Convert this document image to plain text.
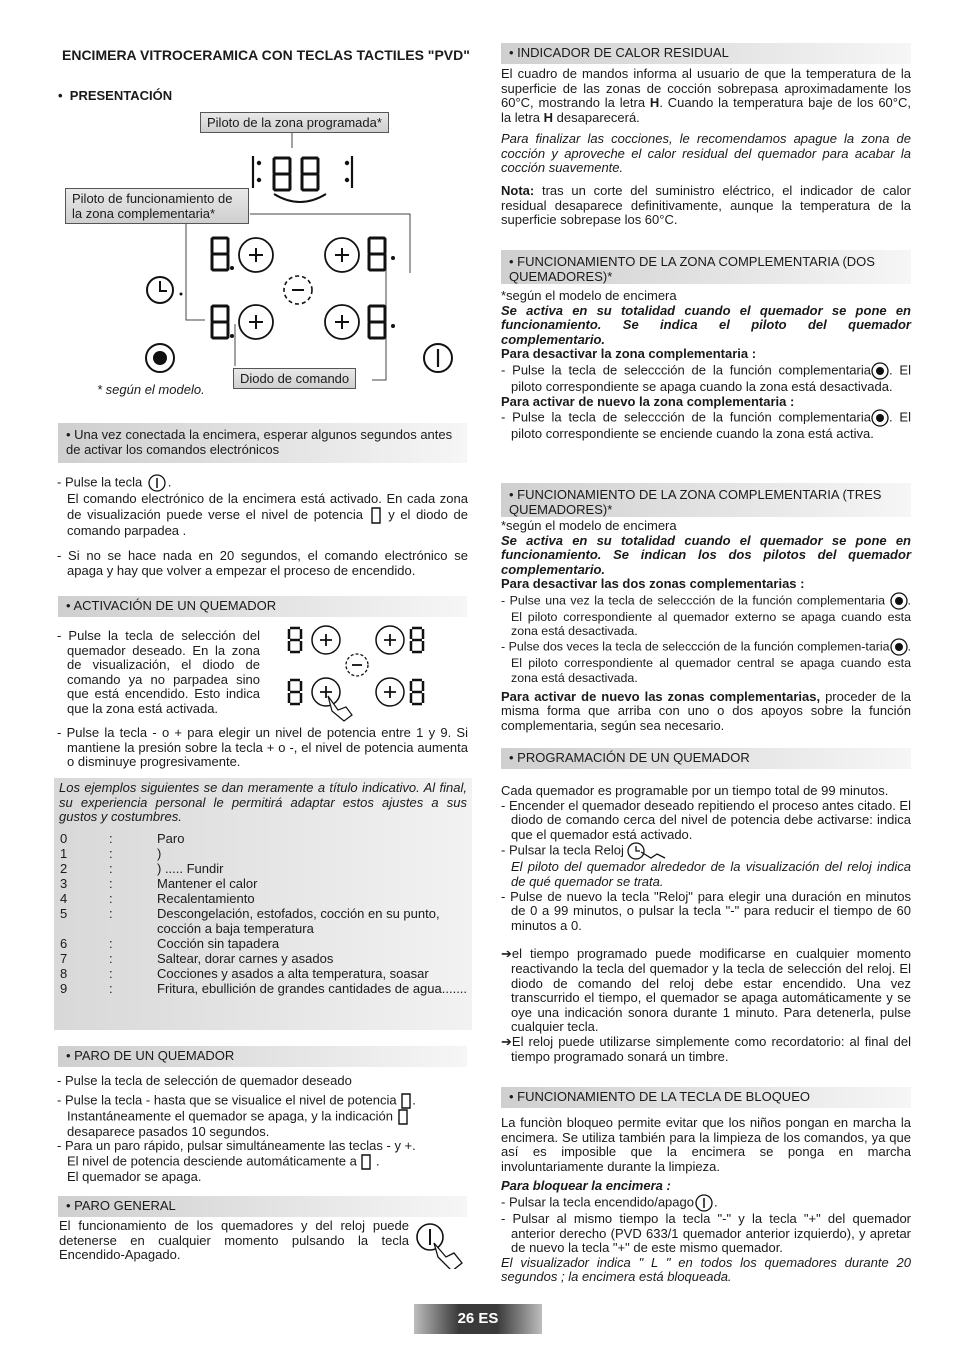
ENCIMERA VITROCERAMICA CON TECLAS TACTILES "PVD"
•  PRESENTACIÓN
Piloto de la zona programada*
Piloto de funcionamiento de la zona complementaria*
Diodo de comando
* según el modelo.
• Una vez conectada la encimera, esperar algunos segundos antes de activar los comandos electrónicos
- Pulse la tecla .
El comando electrónico de la encimera está activado. En cada zona de visualización puede verse el nivel de potencia y el diodo de comando parpadea .
- Si no se hace nada en 20 segundos, el comando electrónico se apaga y hay que volver a empezar el proceso de encendido.
• ACTIVACIÓN DE UN QUEMADOR
- Pulse la tecla de selección del quemador deseado. En la zona de visualización, el diodo de comando ya no parpadea sino que está encendido. Esto indica que la zona está activada.
- Pulse la tecla - o + para elegir un nivel de potencia entre 1 y 9. Si mantiene la presión sobre la tecla + o -, el nivel de potencia aumenta o disminuye progresivamente.
Los ejemplos siguientes se dan meramente a título indicativo. Al final, su experiencia personal le permitirá adaptar estos ajustes a sus gustos y costumbres.
0	:	Paro
1	:	)
2	:	) ..... Fundir
3	:	Mantener el calor
4	:	Recalentamiento
5	:	Descongelación, estofados, cocción en su punto, cocción a baja temperatura
6	:	Cocción sin tapadera
7	:	Saltear, dorar carnes y asados
8	:	Cocciones y asados a alta temperatura, soasar
9	:	Fritura, ebullición de grandes cantidades de agua.......
• PARO DE UN QUEMADOR
- Pulse la tecla de selección de quemador deseado
- Pulse la tecla - hasta que se visualice el nivel de potencia .
Instantáneamente el quemador se apaga, y la indicación
desaparece pasados 10 segundos.
- Para un paro rápido, pulsar simultáneamente las teclas - y +.
El nivel de potencia desciende automáticamente a  .
El quemador se apaga.
• PARO GENERAL
El funcionamiento de los quemadores y del reloj puede detenerse en cualquier momento pulsando la tecla Encendido-Apagado.
• INDICADOR DE CALOR RESIDUAL
El cuadro de mandos informa al usuario de que la temperatura de la superficie de las zonas de cocción sobrepasa aproximadamente los 60°C, mostrando la letra H. Cuando la temperatura baje de los 60°C, la letra H desaparecerá.
Para finalizar las cocciones, le recomendamos apague la zona de cocción y aproveche el calor residual del quemador para acabar la cocción suavemente.
Nota: tras un corte del suministro eléctrico, el indicador de calor residual desaparece definitivamente, aunque la temperatura de la superficie sobrepase los 60°C.
• FUNCIONAMIENTO DE LA ZONA COMPLEMENTARIA (DOS QUEMADORES)*
*según el modelo de encimera
Se activa en su totalidad cuando el quemador se pone en funcionamiento. Se indica el piloto del quemador complementario.
Para desactivar la zona complementaria :
- Pulse la tecla de seleccción de la función complementaria . El piloto correspondiente se apaga cuando la zona está desactivada.
Para activar de nuevo la zona complementaria :
- Pulse la tecla de seleccción de la función complementaria . El piloto correspondiente se enciende cuando la zona está activa.
• FUNCIONAMIENTO DE LA ZONA COMPLEMENTARIA (TRES QUEMADORES)*
*según el modelo de encimera
Se activa en su totalidad cuando el quemador se pone en funcionamiento. Se indican los dos pilotos del quemador complementario.
Para desactivar las dos zonas complementarias :
- Pulse una vez la tecla de seleccción de la función complementaria . El piloto correspondiente al quemador externo se apaga cuando esta zona está desactivada.
- Pulse dos veces la tecla de seleccción de la función complemen-taria . El piloto correspondiente al quemador central se apaga cuando esta zona está desactivada.
Para activar de nuevo las zonas complementarias, proceder de la misma forma que arriba con uno o dos apoyos sobre la función complementaria, según sea necesario.
• PROGRAMACIÓN DE UN QUEMADOR
Cada quemador es programable por un tiempo total de 99 minutos.
- Encender el quemador deseado repitiendo el proceso antes citado. El diodo de comando cerca del nivel de potencia debe activarse: indica que el quemador está activado.
- Pulsar la tecla Reloj
El piloto del quemador alrededor de la visualización del reloj indica de qué quemador se trata.
- Pulse de nuevo la tecla "Reloj" para elegir una duración en minutos de 0 a 99 minutos, o pulsar la tecla "-" para reducir el tiempo de 60 minutos a 0.
➔el tiempo programado puede modificarse en cualquier momento reactivando la tecla del quemador y la tecla de selección del reloj. El diodo de comando del reloj debe estar encendido. Una vez transcurrido el tiempo, el quemador se apaga automáticamente y se oye una indicación sonora durante 1 minuto. Para detenerla, pulse cualquier tecla.
➔El reloj puede utilizarse simplemente como recordatorio: al final del tiempo programado sonará un timbre.
• FUNCIONAMIENTO DE LA TECLA DE BLOQUEO
La funciòn bloqueo permite evitar que los niños pongan en marcha la encimera. Se utiliza también para la limpieza de los comandos, ya que así es imposible que la encimera se ponga en marcha involuntariamente durante la limpieza.
Para bloquear la encimera :
- Pulsar la tecla encendido/apago .
- Pulsar al mismo tiempo la tecla "-" y la tecla "+" del quemador anterior derecho (PVD 633/1 quemador anterior izquierdo), y apretar de nuevo la tecla "+" de este mismo quemador.
El visualizador indica " L " en todos los quemadores durante 20 segundos ; la encimera está bloqueada.
26 ES
